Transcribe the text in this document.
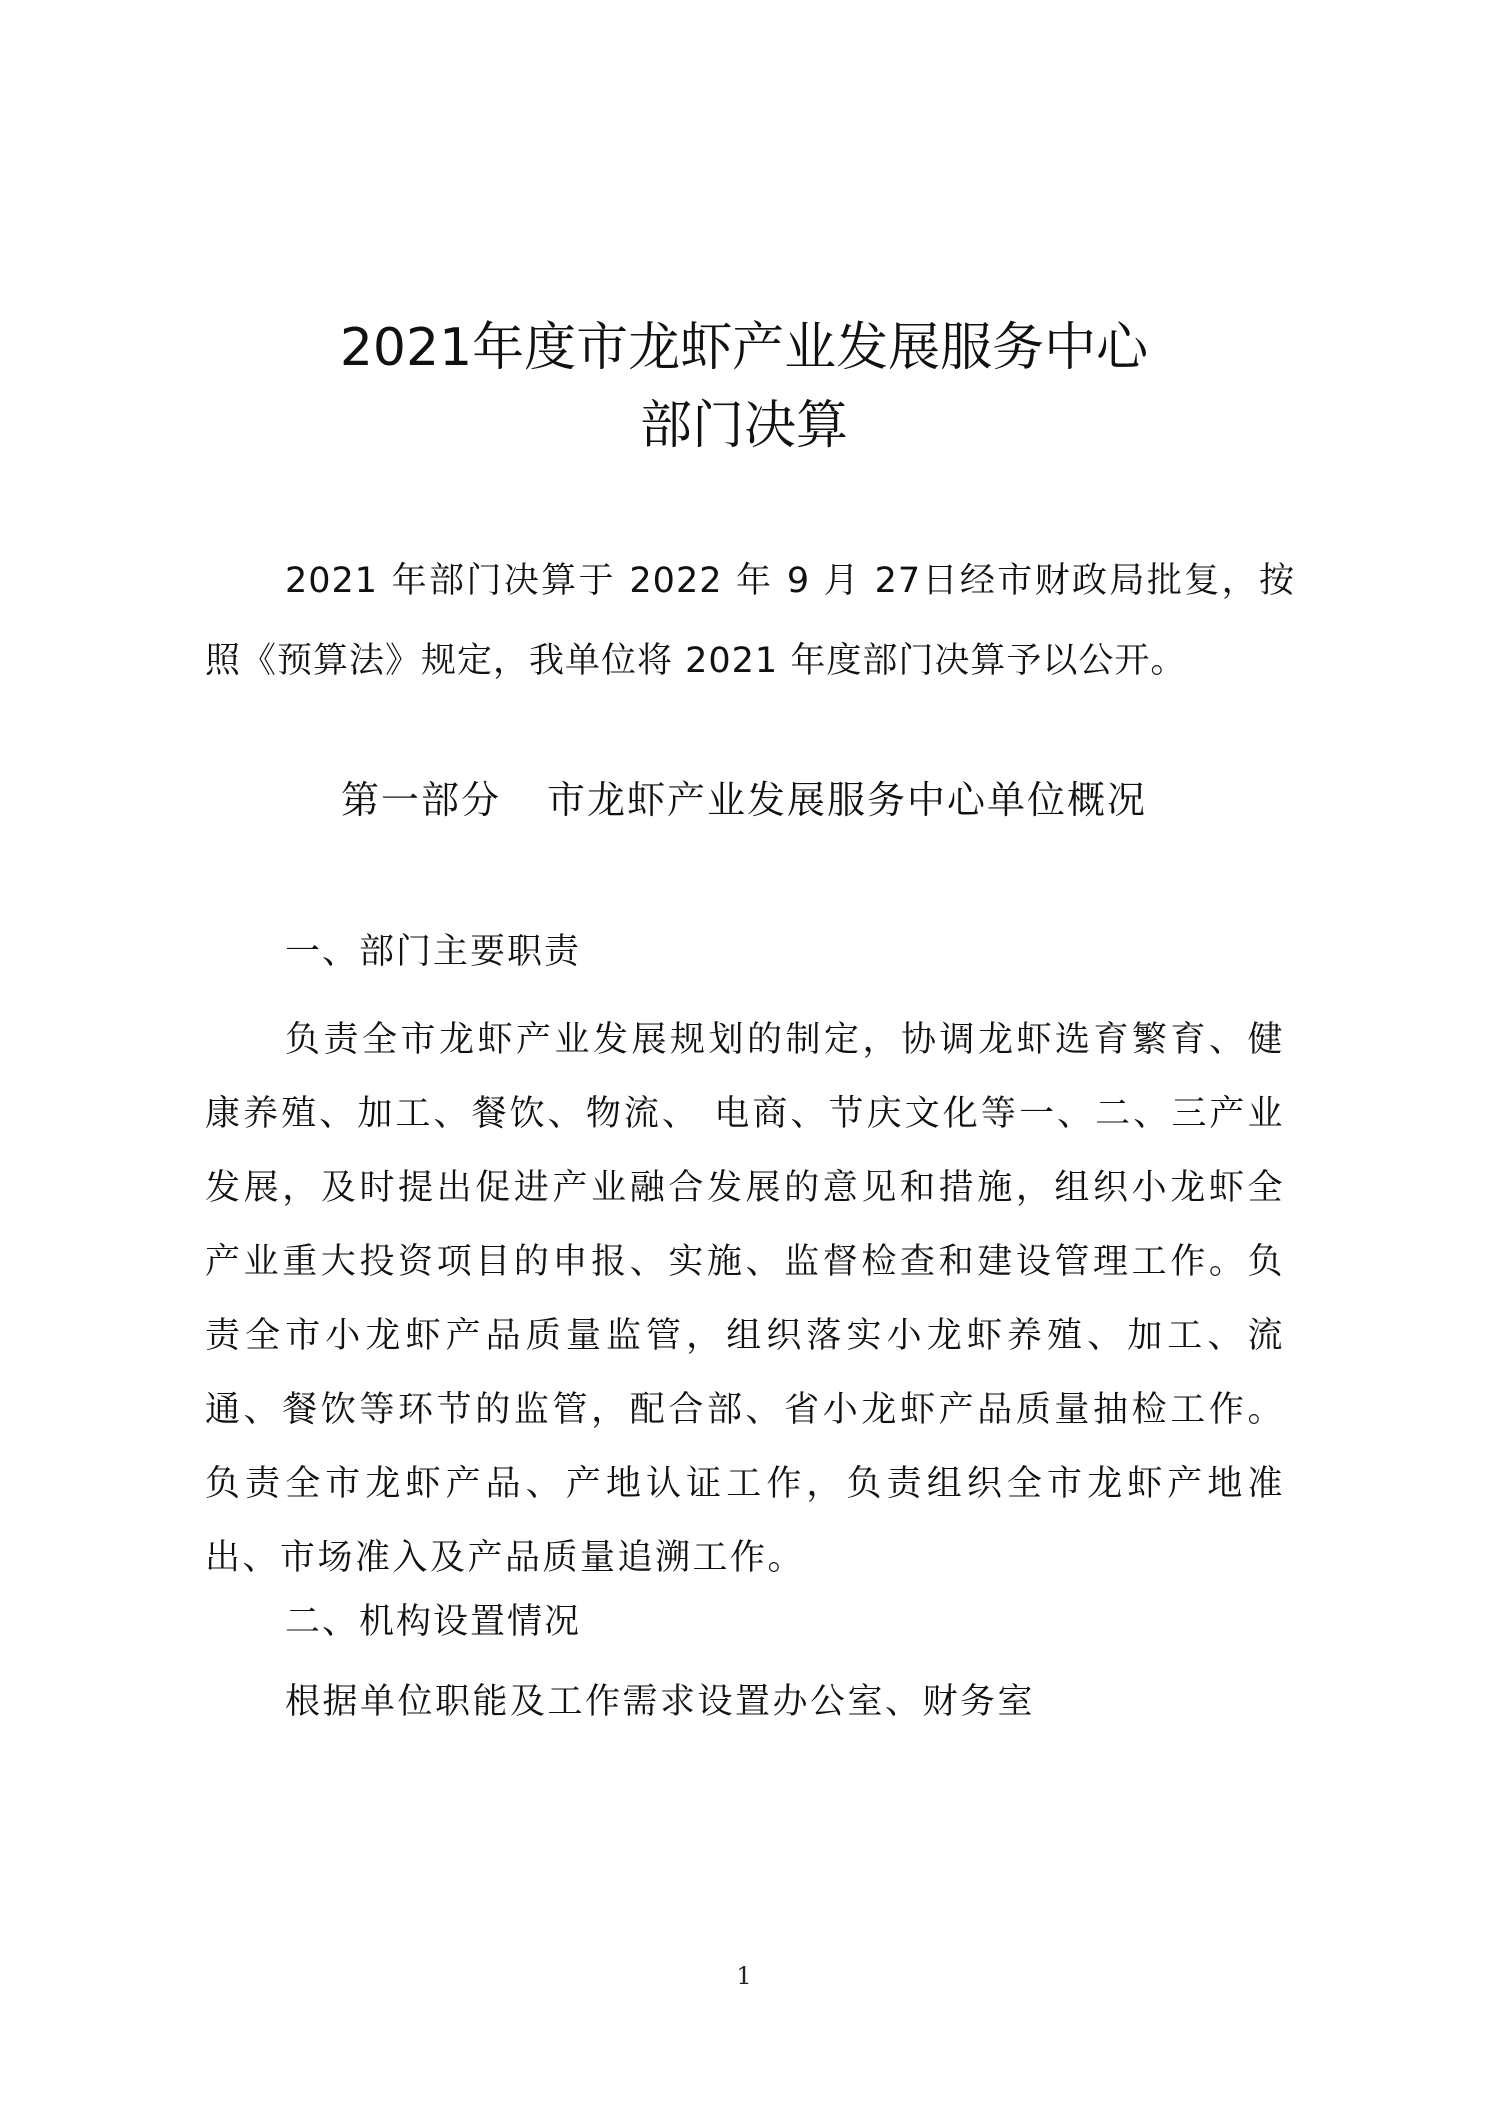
2021年度市龙虾产业发展服务中心
部门决算

2021 年部门决算于 2022 年 9 月 27日经市财政局批复，按照《预算法》规定，我单位将 2021 年度部门决算予以公开。

第一部分 市龙虾产业发展服务中心单位概况
一、部门主要职责

负责全市龙虾产业发展规划的制定，协调龙虾选育繁育、健康养殖、加工、餐饮、物流、 电商、节庆文化等一、二、三产业发展，及时提出促进产业融合发展的意见和措施，组织小龙虾全产业重大投资项目的申报、实施、监督检查和建设管理工作。负责全市小龙虾产品质量监管，组织落实小龙虾养殖、加工、流通、餐饮等环节的监管，配合部、省小龙虾产品质量抽检工作。负责全市龙虾产品、产地认证工作，负责组织全市龙虾产地准出、市场准入及产品质量追溯工作。

二、机构设置情况

根据单位职能及工作需求设置办公室、财务室

1
